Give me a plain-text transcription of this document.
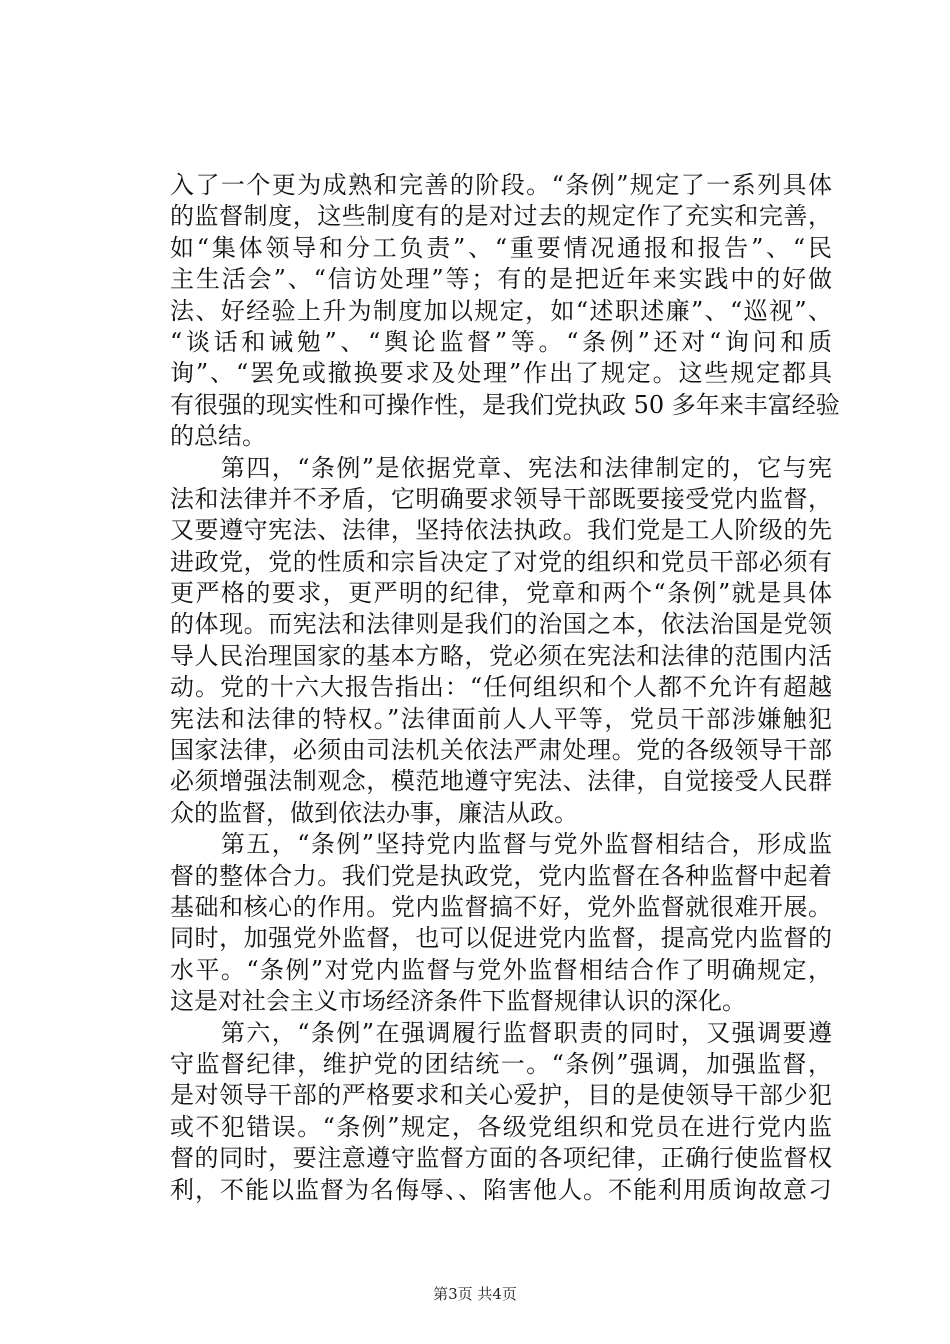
入了一个更为成熟和完善的阶段。“条例”规定了一系列具体
的监督制度，这些制度有的是对过去的规定作了充实和完善，
如“集体领导和分工负责”、“重要情况通报和报告”、“民
主生活会”、“信访处理”等；有的是把近年来实践中的好做
法、好经验上升为制度加以规定，如“述职述廉”、“巡视”、
“谈话和诫勉”、“舆论监督”等。“条例”还对“询问和质
询”、“罢免或撤换要求及处理”作出了规定。这些规定都具
有很强的现实性和可操作性，是我们党执政 50 多年来丰富经验
的总结。
　　第四，“条例”是依据党章、宪法和法律制定的，它与宪
法和法律并不矛盾，它明确要求领导干部既要接受党内监督，
又要遵守宪法、法律，坚持依法执政。我们党是工人阶级的先
进政党，党的性质和宗旨决定了对党的组织和党员干部必须有
更严格的要求，更严明的纪律，党章和两个“条例”就是具体
的体现。而宪法和法律则是我们的治国之本，依法治国是党领
导人民治理国家的基本方略，党必须在宪法和法律的范围内活
动。党的十六大报告指出：“任何组织和个人都不允许有超越
宪法和法律的特权。”法律面前人人平等，党员干部涉嫌触犯
国家法律，必须由司法机关依法严肃处理。党的各级领导干部
必须增强法制观念，模范地遵守宪法、法律，自觉接受人民群
众的监督，做到依法办事，廉洁从政。
　　第五，“条例”坚持党内监督与党外监督相结合，形成监
督的整体合力。我们党是执政党，党内监督在各种监督中起着
基础和核心的作用。党内监督搞不好，党外监督就很难开展。
同时，加强党外监督，也可以促进党内监督，提高党内监督的
水平。“条例”对党内监督与党外监督相结合作了明确规定，
这是对社会主义市场经济条件下监督规律认识的深化。
　　第六，“条例”在强调履行监督职责的同时，又强调要遵
守监督纪律，维护党的团结统一。“条例”强调，加强监督，
是对领导干部的严格要求和关心爱护，目的是使领导干部少犯
或不犯错误。“条例”规定，各级党组织和党员在进行党内监
督的同时，要注意遵守监督方面的各项纪律，正确行使监督权
利，不能以监督为名侮辱、、陷害他人。不能利用质询故意刁
第3页 共4页
